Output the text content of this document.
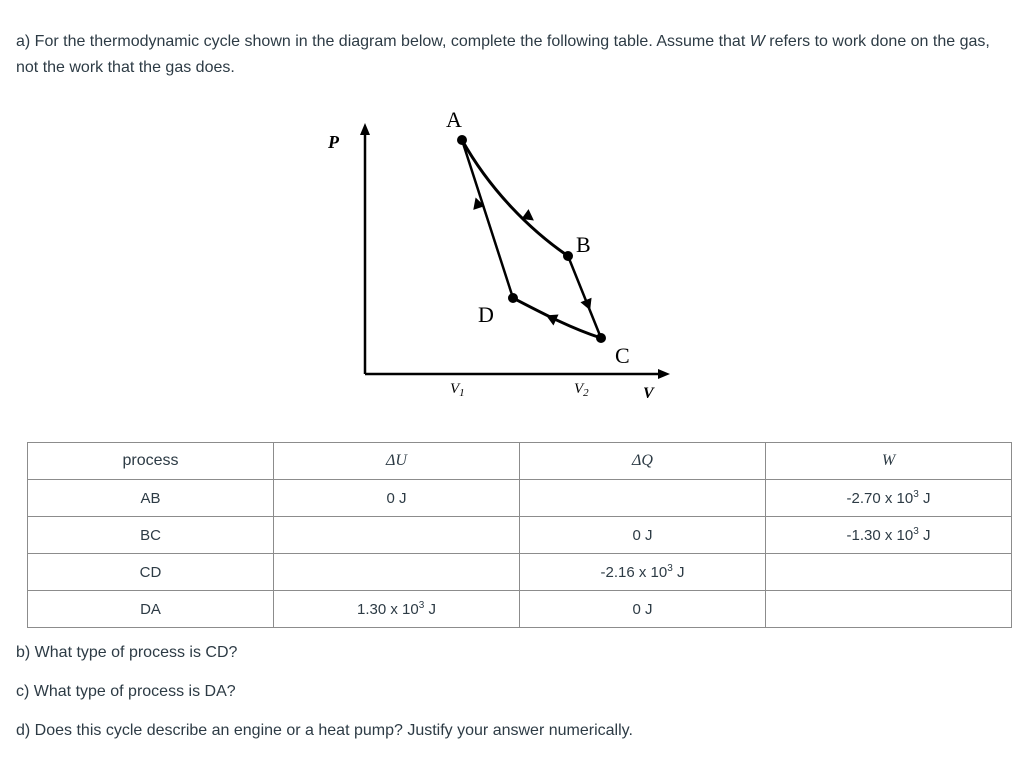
a) For the thermodynamic cycle shown in the diagram below, complete the following table. Assume that W refers to work done on the gas, not the work that the gas does.
P
A
B
C
D
$V_1$	$V_2$	V
process	ΔU	ΔQ	W
AB	0 J		-2.70 x $10^3$ J
BC		0 J	-1.30 x $10^3$ J
CD		-2.16 x $10^3$ J	
DA	1.30 x $10^3$ J	0 J	
b) What type of process is CD?
c) What type of process is DA?
d) Does this cycle describe an engine or a heat pump? Justify your answer numerically.
